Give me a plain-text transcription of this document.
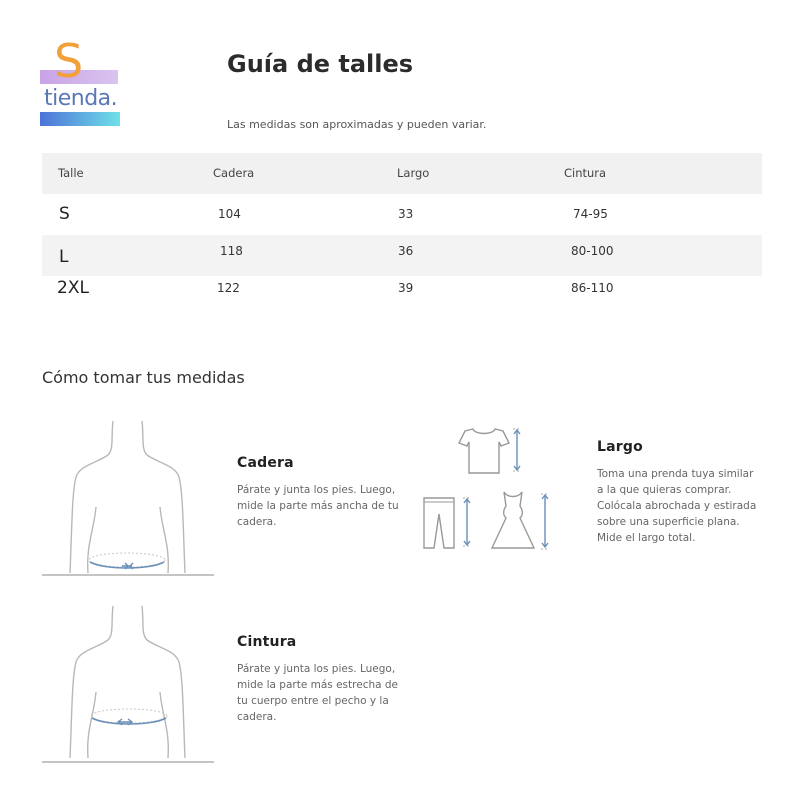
S
tienda.
Guía de talles
Las medidas son aproximadas y pueden variar.
Talle	Cadera	Largo	Cintura
S	104	33	74-95
L	118	36	80-100
2XL	122	39	86-110
Cómo tomar tus medidas
Cadera
Párate y junta los pies. Luego,
mide la parte más ancha de tu
cadera.
Largo
Toma una prenda tuya similar
a la que quieras comprar.
Colócala abrochada y estirada
sobre una superficie plana.
Mide el largo total.
Cintura
Párate y junta los pies. Luego,
mide la parte más estrecha de
tu cuerpo entre el pecho y la
cadera.
